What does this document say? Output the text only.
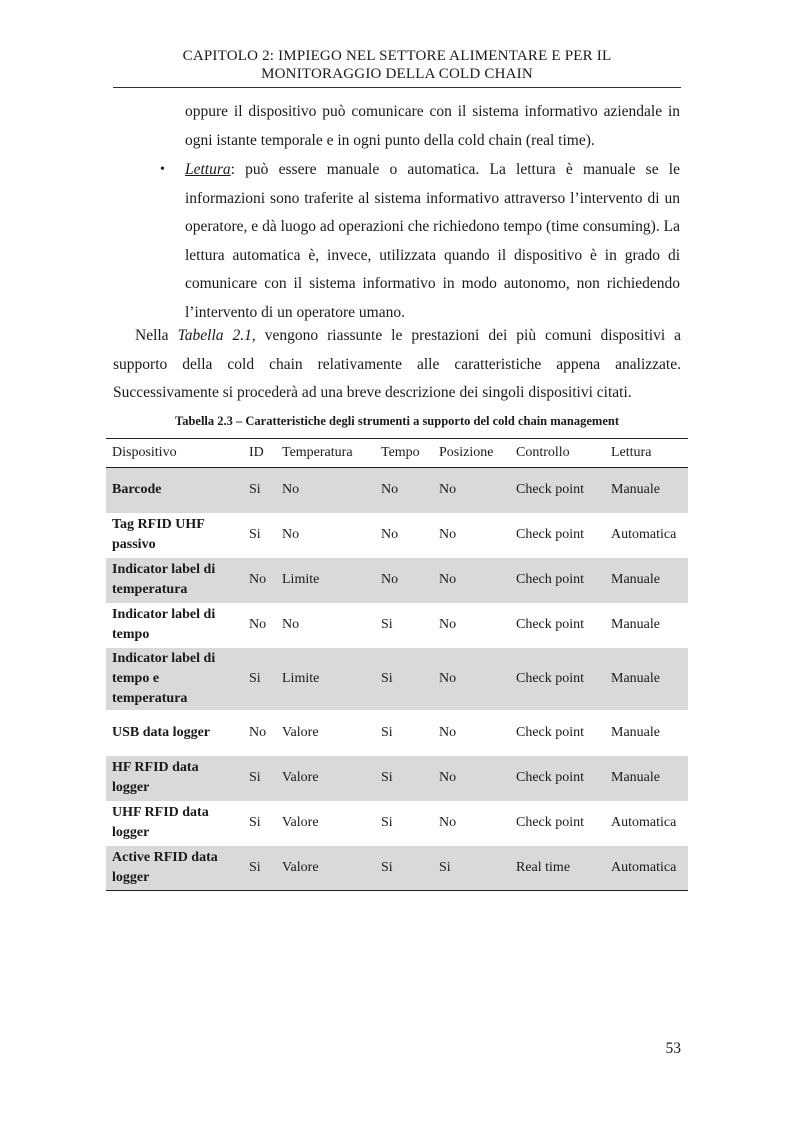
CAPITOLO 2: IMPIEGO NEL SETTORE ALIMENTARE E PER IL
MONITORAGGIO DELLA COLD CHAIN
oppure il dispositivo può comunicare con il sistema informativo aziendale in ogni istante temporale e in ogni punto della cold chain (real time).
• Lettura: può essere manuale o automatica. La lettura è manuale se le informazioni sono traferite al sistema informativo attraverso l’intervento di un operatore, e dà luogo ad operazioni che richiedono tempo (time consuming). La lettura automatica è, invece, utilizzata quando il dispositivo è in grado di comunicare con il sistema informativo in modo autonomo, non richiedendo l’intervento di un operatore umano.
Nella Tabella 2.1, vengono riassunte le prestazioni dei più comuni dispositivi a supporto della cold chain relativamente alle caratteristiche appena analizzate. Successivamente si procederà ad una breve descrizione dei singoli dispositivi citati.
Tabella 2.3 – Caratteristiche degli strumenti a supporto del cold chain management
Dispositivo	ID	Temperatura	Tempo	Posizione	Controllo	Lettura
Barcode	Si	No	No	No	Check point	Manuale
Tag RFID UHF passivo	Si	No	No	No	Check point	Automatica
Indicator label di temperatura	No	Limite	No	No	Chech point	Manuale
Indicator label di tempo	No	No	Si	No	Check point	Manuale
Indicator label di tempo e temperatura	Si	Limite	Si	No	Check point	Manuale
USB data logger	No	Valore	Si	No	Check point	Manuale
HF RFID data logger	Si	Valore	Si	No	Check point	Manuale
UHF RFID data logger	Si	Valore	Si	No	Check point	Automatica
Active RFID data logger	Si	Valore	Si	Si	Real time	Automatica
53
